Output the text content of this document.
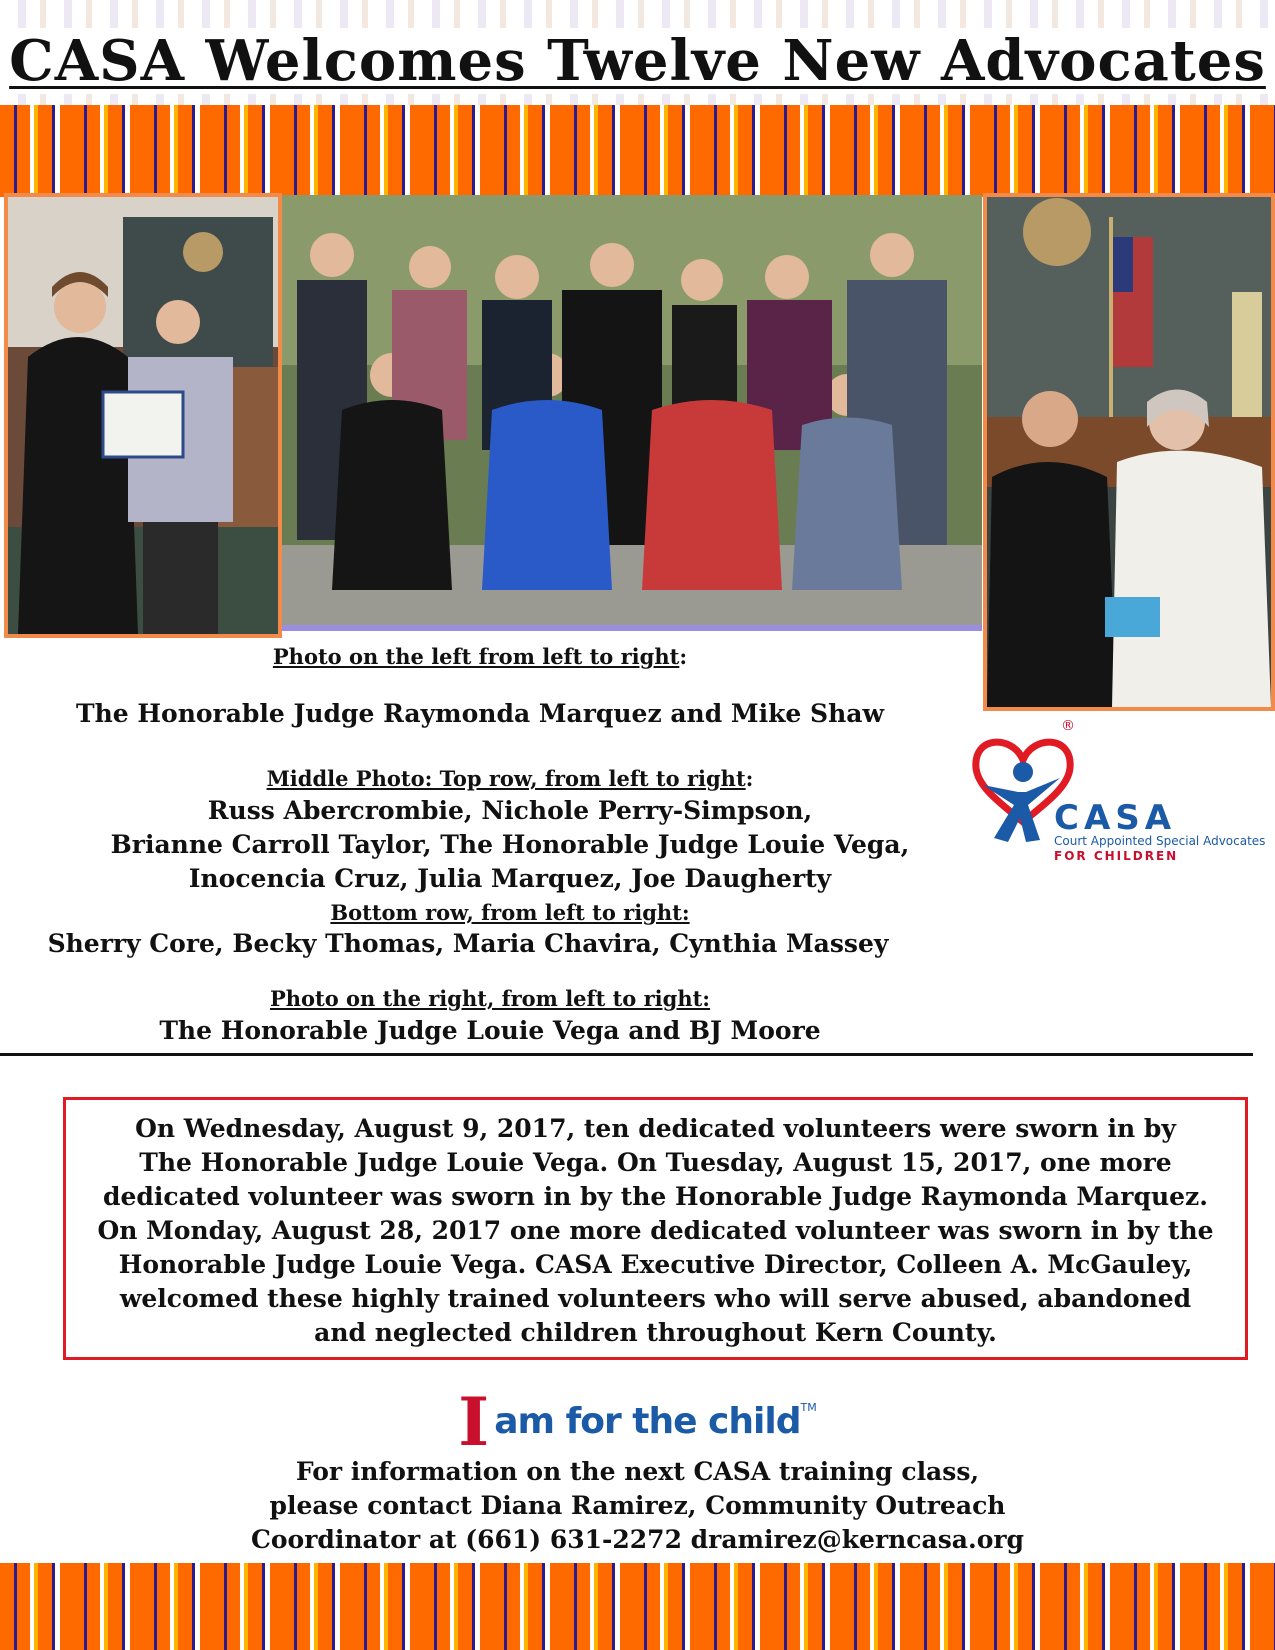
CASA Welcomes Twelve New Advocates
Photo on the left from left to right:
The Honorable Judge Raymonda Marquez and Mike Shaw
Middle Photo: Top row, from left to right:
Russ Abercrombie, Nichole Perry-Simpson,
Brianne Carroll Taylor, The Honorable Judge Louie Vega,
Inocencia Cruz, Julia Marquez, Joe Daugherty
Bottom row, from left to right:
Sherry Core, Becky Thomas, Maria Chavira, Cynthia Massey
Photo on the right, from left to right:
The Honorable Judge Louie Vega and BJ Moore
®
CASA
Court Appointed Special Advocates
FOR CHILDREN
On Wednesday, August 9, 2017, ten dedicated volunteers were sworn in by
The Honorable Judge Louie Vega. On Tuesday, August 15, 2017, one more
dedicated volunteer was sworn in by the Honorable Judge Raymonda Marquez.
On Monday, August 28, 2017 one more dedicated volunteer was sworn in by the
Honorable Judge Louie Vega. CASA Executive Director, Colleen A. McGauley,
welcomed these highly trained volunteers who will serve abused, abandoned
and neglected children throughout Kern County.
I am for the child™
For information on the next CASA training class,
please contact Diana Ramirez, Community Outreach
Coordinator at (661) 631-2272 dramirez@kerncasa.org
